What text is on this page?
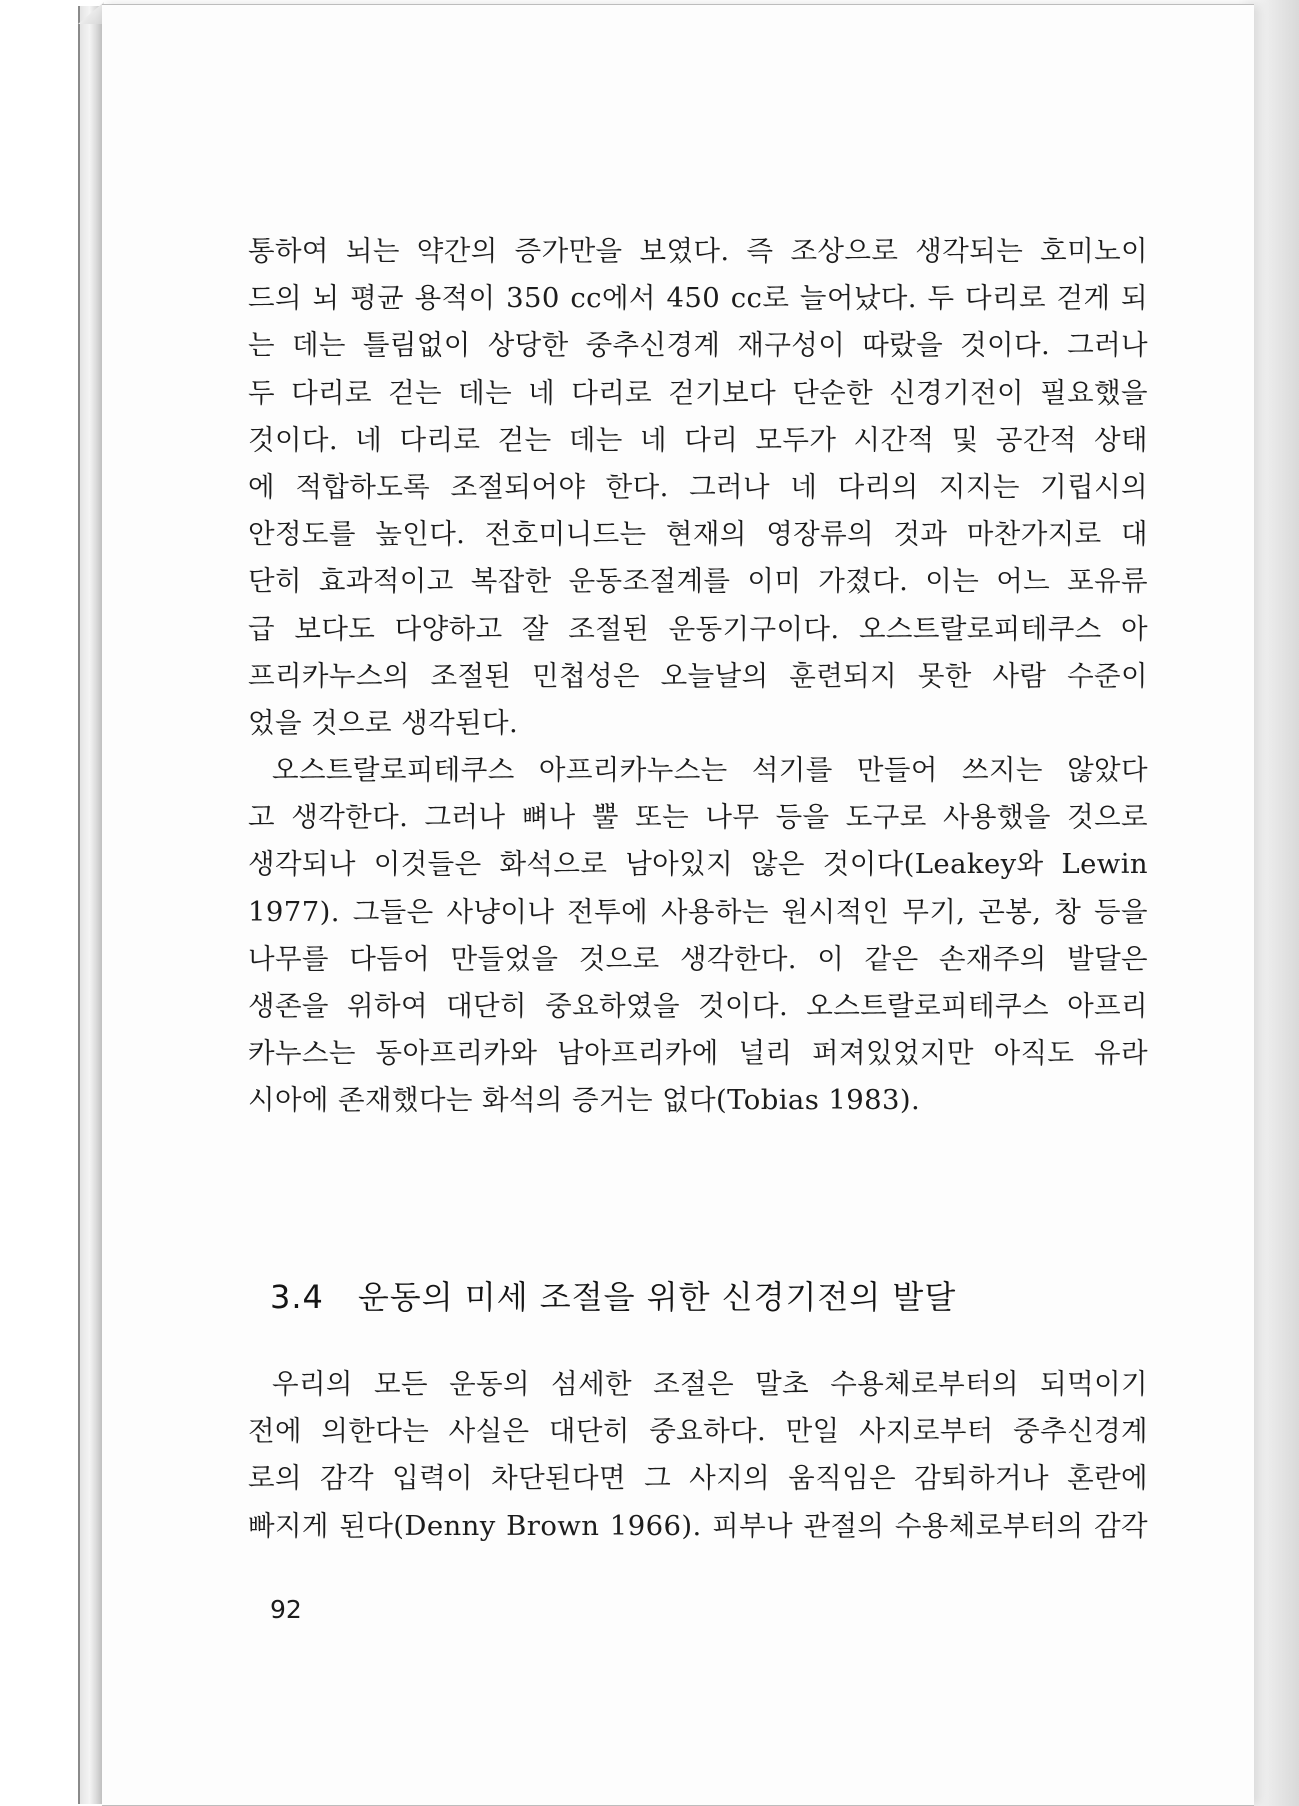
통하여 뇌는 약간의 증가만을 보였다. 즉 조상으로 생각되는 호미노이
드의 뇌 평균 용적이 350 cc에서 450 cc로 늘어났다. 두 다리로 걷게 되
는 데는 틀림없이 상당한 중추신경계 재구성이 따랐을 것이다. 그러나
두 다리로 걷는 데는 네 다리로 걷기보다 단순한 신경기전이 필요했을
것이다. 네 다리로 걷는 데는 네 다리 모두가 시간적 및 공간적 상태
에 적합하도록 조절되어야 한다. 그러나 네 다리의 지지는 기립시의
안정도를 높인다. 전호미니드는 현재의 영장류의 것과 마찬가지로 대
단히 효과적이고 복잡한 운동조절계를 이미 가졌다. 이는 어느 포유류
급 보다도 다양하고 잘 조절된 운동기구이다. 오스트랄로피테쿠스 아
프리카누스의 조절된 민첩성은 오늘날의 훈련되지 못한 사람 수준이
었을 것으로 생각된다.
오스트랄로피테쿠스 아프리카누스는 석기를 만들어 쓰지는 않았다
고 생각한다. 그러나 뼈나 뿔 또는 나무 등을 도구로 사용했을 것으로
생각되나 이것들은 화석으로 남아있지 않은 것이다(Leakey와 Lewin
1977). 그들은 사냥이나 전투에 사용하는 원시적인 무기, 곤봉, 창 등을
나무를 다듬어 만들었을 것으로 생각한다. 이 같은 손재주의 발달은
생존을 위하여 대단히 중요하였을 것이다. 오스트랄로피테쿠스 아프리
카누스는 동아프리카와 남아프리카에 널리 퍼져있었지만 아직도 유라
시아에 존재했다는 화석의 증거는 없다(Tobias 1983).
3.4 운동의 미세 조절을 위한 신경기전의 발달
우리의 모든 운동의 섬세한 조절은 말초 수용체로부터의 되먹이기
전에 의한다는 사실은 대단히 중요하다. 만일 사지로부터 중추신경계
로의 감각 입력이 차단된다면 그 사지의 움직임은 감퇴하거나 혼란에
빠지게 된다(Denny Brown 1966). 피부나 관절의 수용체로부터의 감각
92
